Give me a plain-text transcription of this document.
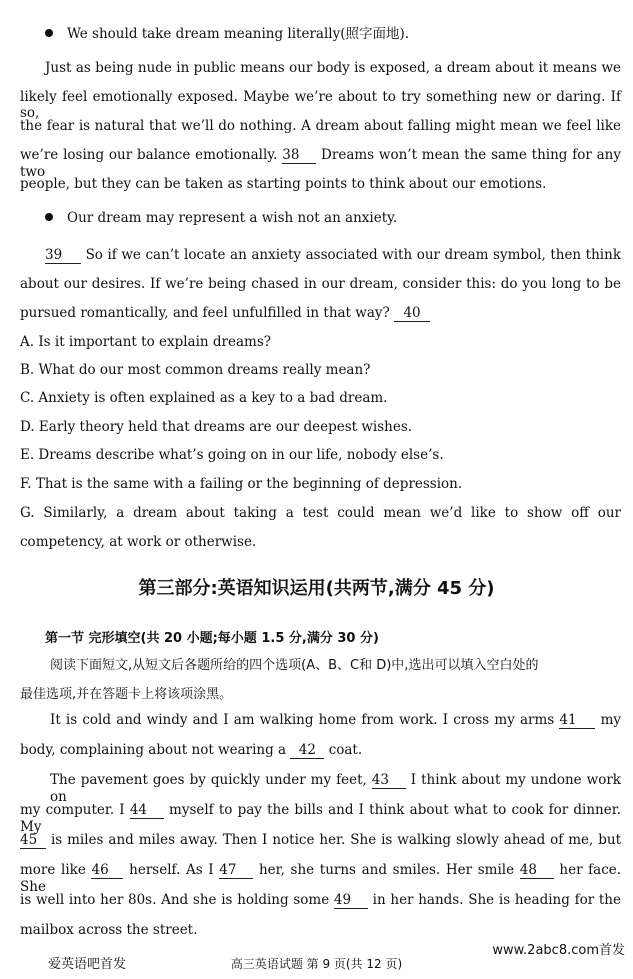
We should take dream meaning literally(照字面地).
Just as being nude in public means our body is exposed, a dream about it means we
likely feel emotionally exposed. Maybe we’re about to try something new or daring. If so,
the fear is natural that we’ll do nothing. A dream about falling might mean we feel like
we’re losing our balance emotionally. 38 Dreams won’t mean the same thing for any two
people, but they can be taken as starting points to think about our emotions.
Our dream may represent a wish not an anxiety.
39 So if we can’t locate an anxiety associated with our dream symbol, then think
about our desires. If we’re being chased in our dream, consider this: do you long to be
pursued romantically, and feel unfulfilled in that way? 40
A. Is it important to explain dreams?
B. What do our most common dreams really mean?
C. Anxiety is often explained as a key to a bad dream.
D. Early theory held that dreams are our deepest wishes.
E. Dreams describe what’s going on in our life, nobody else’s.
F. That is the same with a failing or the beginning of depression.
G. Similarly, a dream about taking a test could mean we’d like to show off our
competency, at work or otherwise.
第三部分:英语知识运用(共两节,满分 45 分)
第一节 完形填空(共 20 小题;每小题 1.5 分,满分 30 分)
阅读下面短文,从短文后各题所给的四个选项(A、B、C和 D)中,选出可以填入空白处的
最佳选项,并在答题卡上将该项涂黑。
It is cold and windy and I am walking home from work. I cross my arms 41 my
body, complaining about not wearing a 42 coat.
The pavement goes by quickly under my feet, 43 I think about my undone work on
my computer. I 44 myself to pay the bills and I think about what to cook for dinner. My
45 is miles and miles away. Then I notice her. She is walking slowly ahead of me, but
more like 46 herself. As I 47 her, she turns and smiles. Her smile 48 her face. She
is well into her 80s. And she is holding some 49 in her hands. She is heading for the
mailbox across the street.
爱英语吧首发	高三英语试题 第 9 页(共 12 页)
www.2abc8.com首发
